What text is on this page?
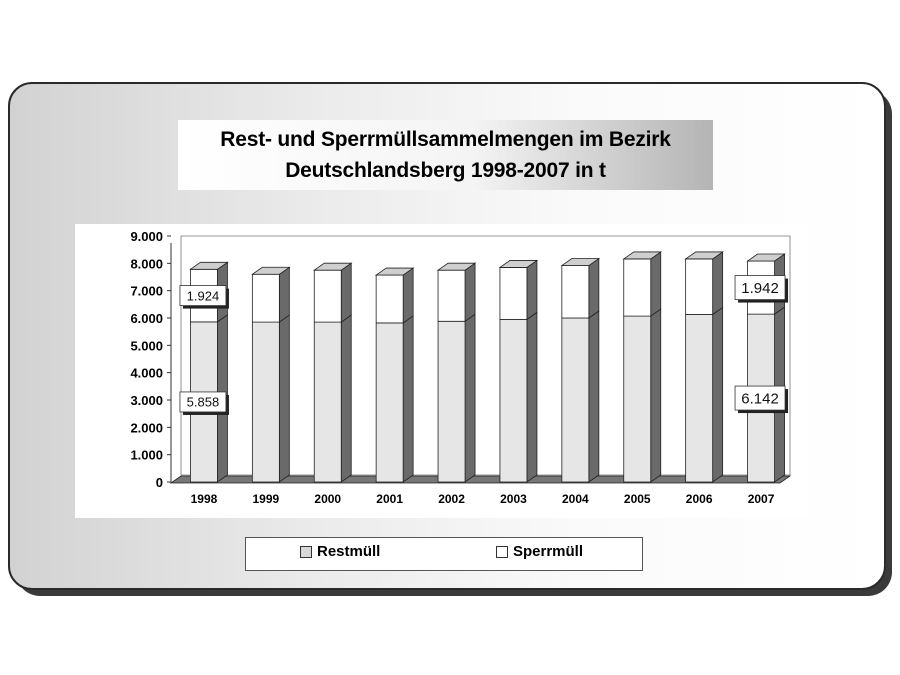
Rest- und Sperrmüllsammelmengen im Bezirk
Deutschlandsberg 1998-2007 in t
0
1.000
2.000
3.000
4.000
5.000
6.000
7.000
8.000
9.000
1998	1999	2000	2001	2002	2003	2004	2005	2006	2007
1.924
5.858
1.942
6.142
Restmüll	Sperrmüll
